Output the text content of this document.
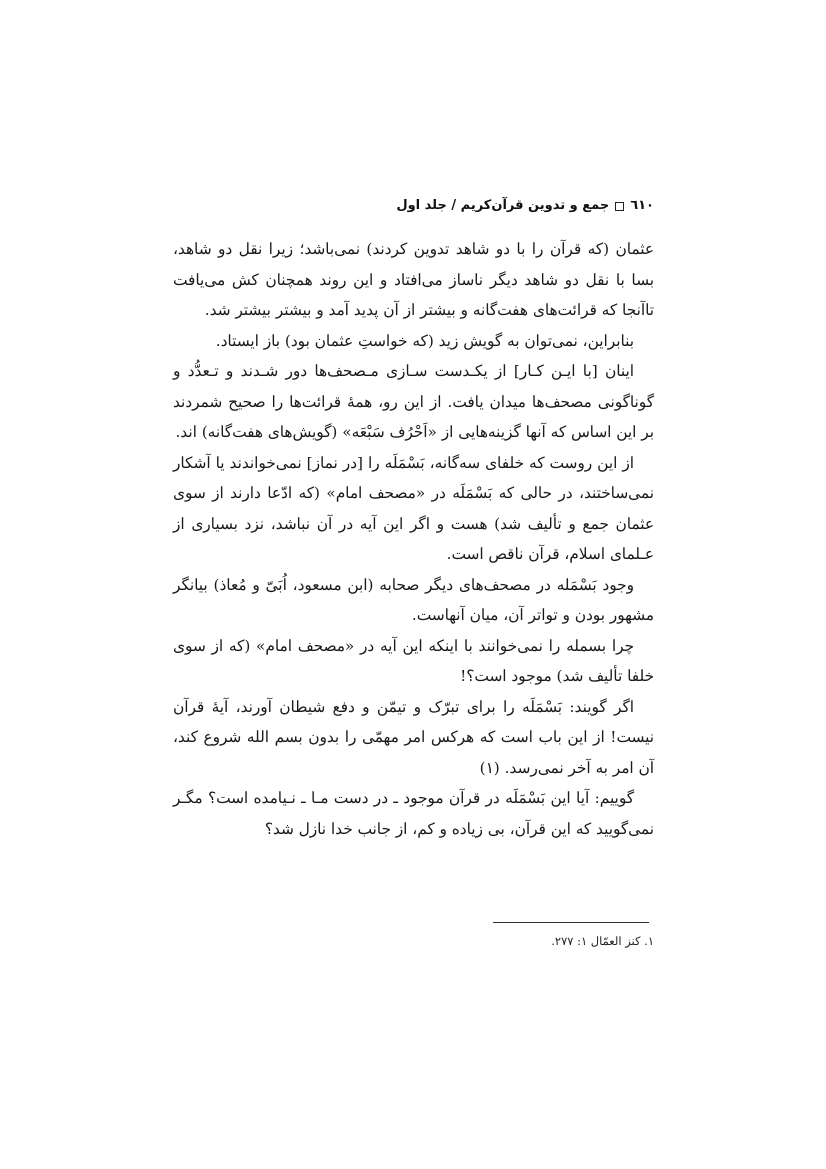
٦١٠
جمع و تدوین قرآن‌کریم / جلد اول

عثمان (که قرآن را با دو شاهد تدوین کردند) نمی‌باشد؛ زیرا نقل دو شاهد، بسا با نقل دو شاهد دیگر ناساز می‌افتاد و این روند همچنان کش می‌یافت تاآنجا که قرائت‌های هفت‌گانه و بیشتر از آن پدید آمد و بیشتر بیشتر شد.

بنابراین، نمی‌توان به گویش زید (که خواستِ عثمان بود) باز ایستاد.

اینان [با ایـن کـار] از یکـدست سـازی مـصحف‌ها دور شـدند و تـعدُّد و گوناگونی مصحف‌ها میدان یافت. از این رو، همهٔ قرائت‌ها را صحیح شمردند بر این اساس که آنها گزینه‌هایی از «اَحْرُف سَبْعَه» (گویش‌های هفت‌گانه) اند.

از این روست که خلفای سه‌گانه، بَسْمَلَه را [در نماز] نمی‌خواندند یا آشکار نمی‌ساختند، در حالی که بَسْمَلَه در «مصحف امام» (که ادّعا دارند از سوی عثمان جمع و تألیف شد) هست و اگر این آیه در آن نباشد، نزد بسیاری از عـلمای اسلام، قرآن ناقص است.

وجود بَسْمَله در مصحف‌های دیگر صحابه (ابن مسعود، اُبَیّ و مُعاذ) بیانگر مشهور بودن و تواتر آن، میان آنهاست.

چرا بسمله را نمی‌خوانند با اینکه این آیه در «مصحف امام» (که از سوی خلفا تألیف شد) موجود است؟!

اگر گویند: بَسْمَلَه را برای تبرّک و تیمّن و دفع شیطان آورند، آیهٔ قرآن نیست! از این باب است که هرکس امر مهمّی را بدون بسم الله شروع کند، آن امر به آخر نمی‌رسد. (۱)

گوییم: آیا این بَسْمَلَه در قرآن موجود ـ در دست مـا ـ نـیامده است؟ مگـر نمی‌گویید که این قرآن، بی زیاده و کم، از جانب خدا نازل شد؟

۱. کنز العمّال ۱: ۲۷۷.
